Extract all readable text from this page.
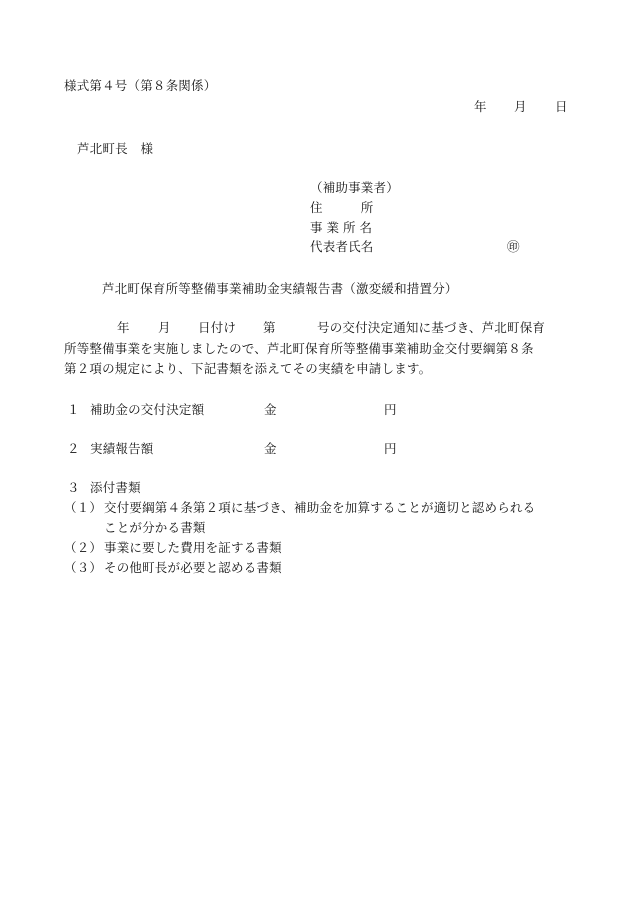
様式第４号（第８条関係）
年 月 日
芦北町長　様
（補助事業者）
住　　　所
事業所名
代表者氏名	㊞
芦北町保育所等整備事業補助金実績報告書（激変緩和措置分）
年 月 日付け 第	号の交付決定通知に基づき、芦北町保育
所等整備事業を実施しましたので、芦北町保育所等整備事業補助金交付要綱第８条
第２項の規定により、下記書類を添えてその実績を申請します。
１ 補助金の交付決定額	金	円
２ 実績報告額	金	円
３ 添付書類
（１） 交付要綱第４条第２項に基づき、補助金を加算することが適切と認められる
ことが分かる書類
（２） 事業に要した費用を証する書類
（３） その他町長が必要と認める書類
